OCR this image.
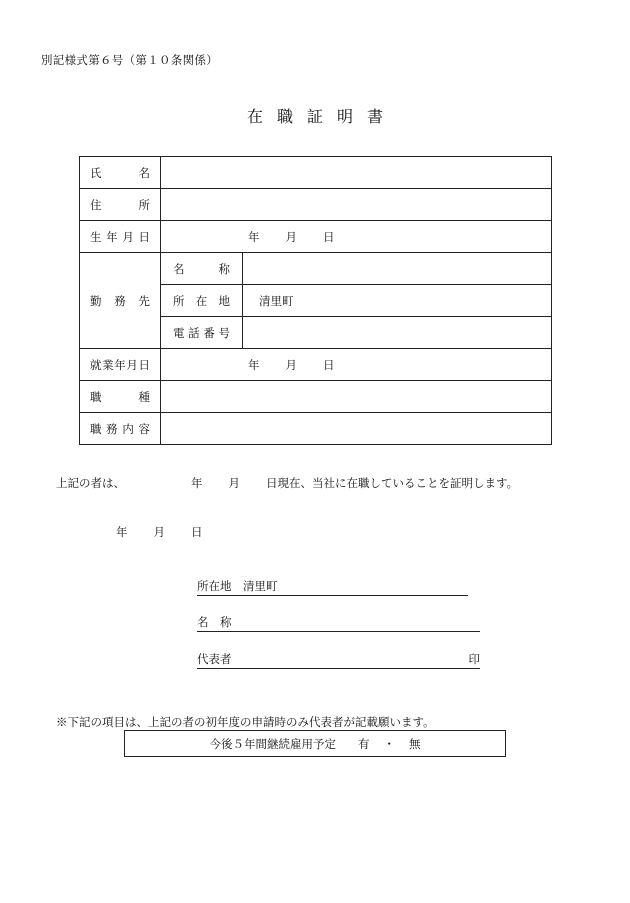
別記様式第６号（第１０条関係）
在職証明書
氏 名		

住 所		

生 年 月 日	年 月 日	

勤 務 先	名 称	

	所 在 地	清里町

	電 話 番 号	

就 業 年 月 日	年 月 日	

職 種		

職 務 内 容		

上記の者は、	年 月 日現在、当社に在職していることを証明します。
年 月 日
所在地　 清里町
名　称
代表者	印
※下記の項目は、上記の者の初年度の申請時のみ代表者が記載願います。
今後５年間継続雇用予定 有 ・ 無
